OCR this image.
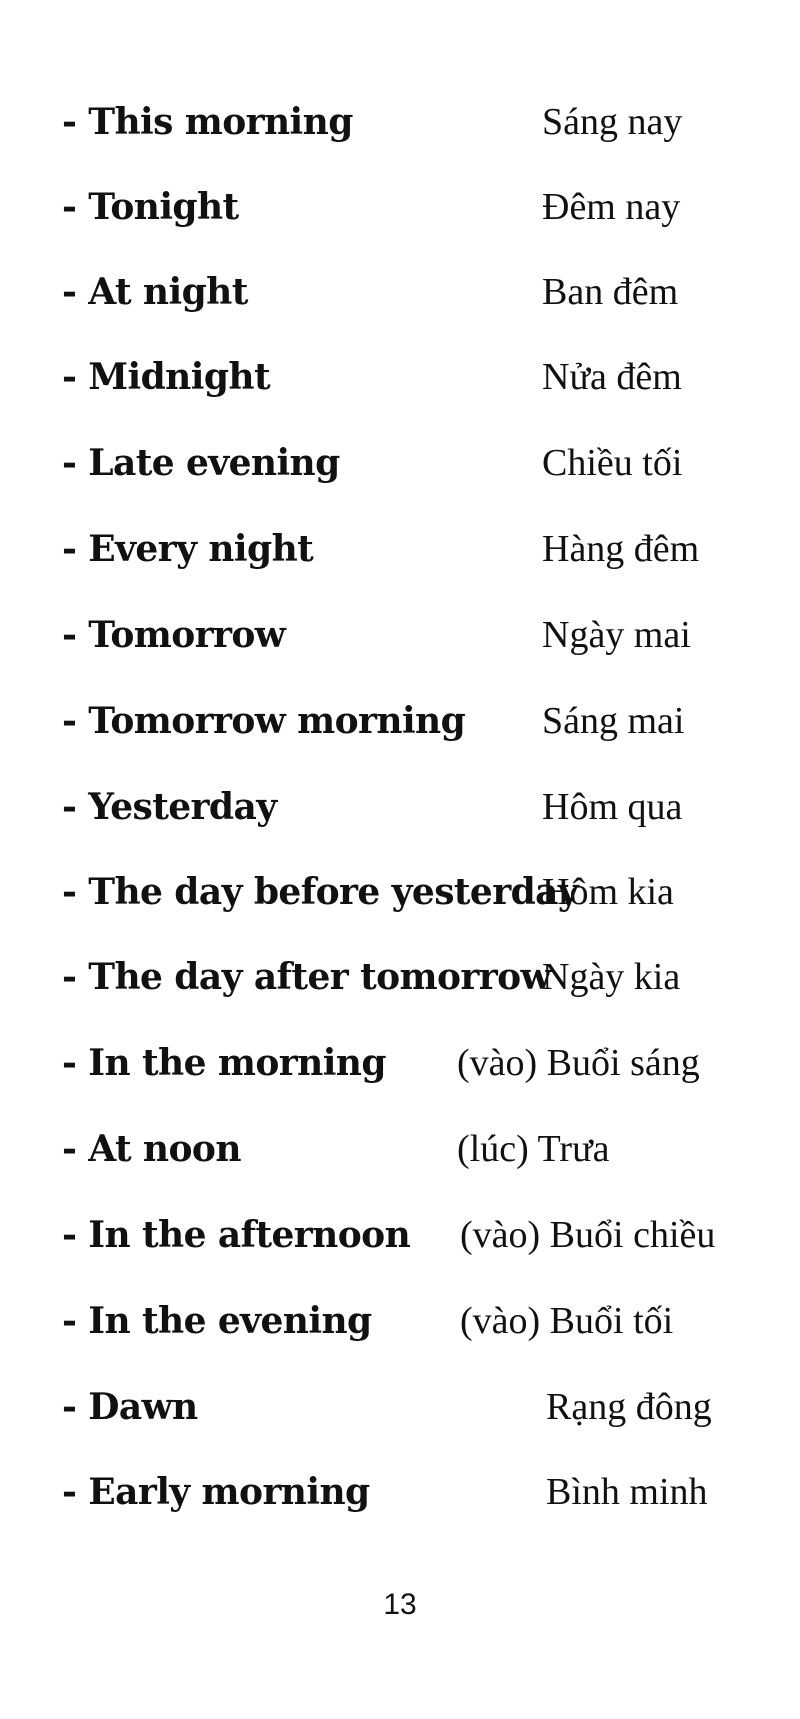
- This morning	Sáng nay
- Tonight	Đêm nay
- At night	Ban đêm
- Midnight	Nửa đêm
- Late evening	Chiều tối
- Every night	Hàng đêm
- Tomorrow	Ngày mai
- Tomorrow morning Sáng mai
- Yesterday	Hôm qua
- The day before yesterday
Hôm kia
- The day after tomorrow
Ngày kia
- In the morning (vào) Buổi sáng
- At noon	(lúc) Trưa
- In the afternoon (vào) Buổi chiều
- In the evening (vào) Buổi tối
- Dawn	Rạng đông
- Early morning	Bình minh
13
